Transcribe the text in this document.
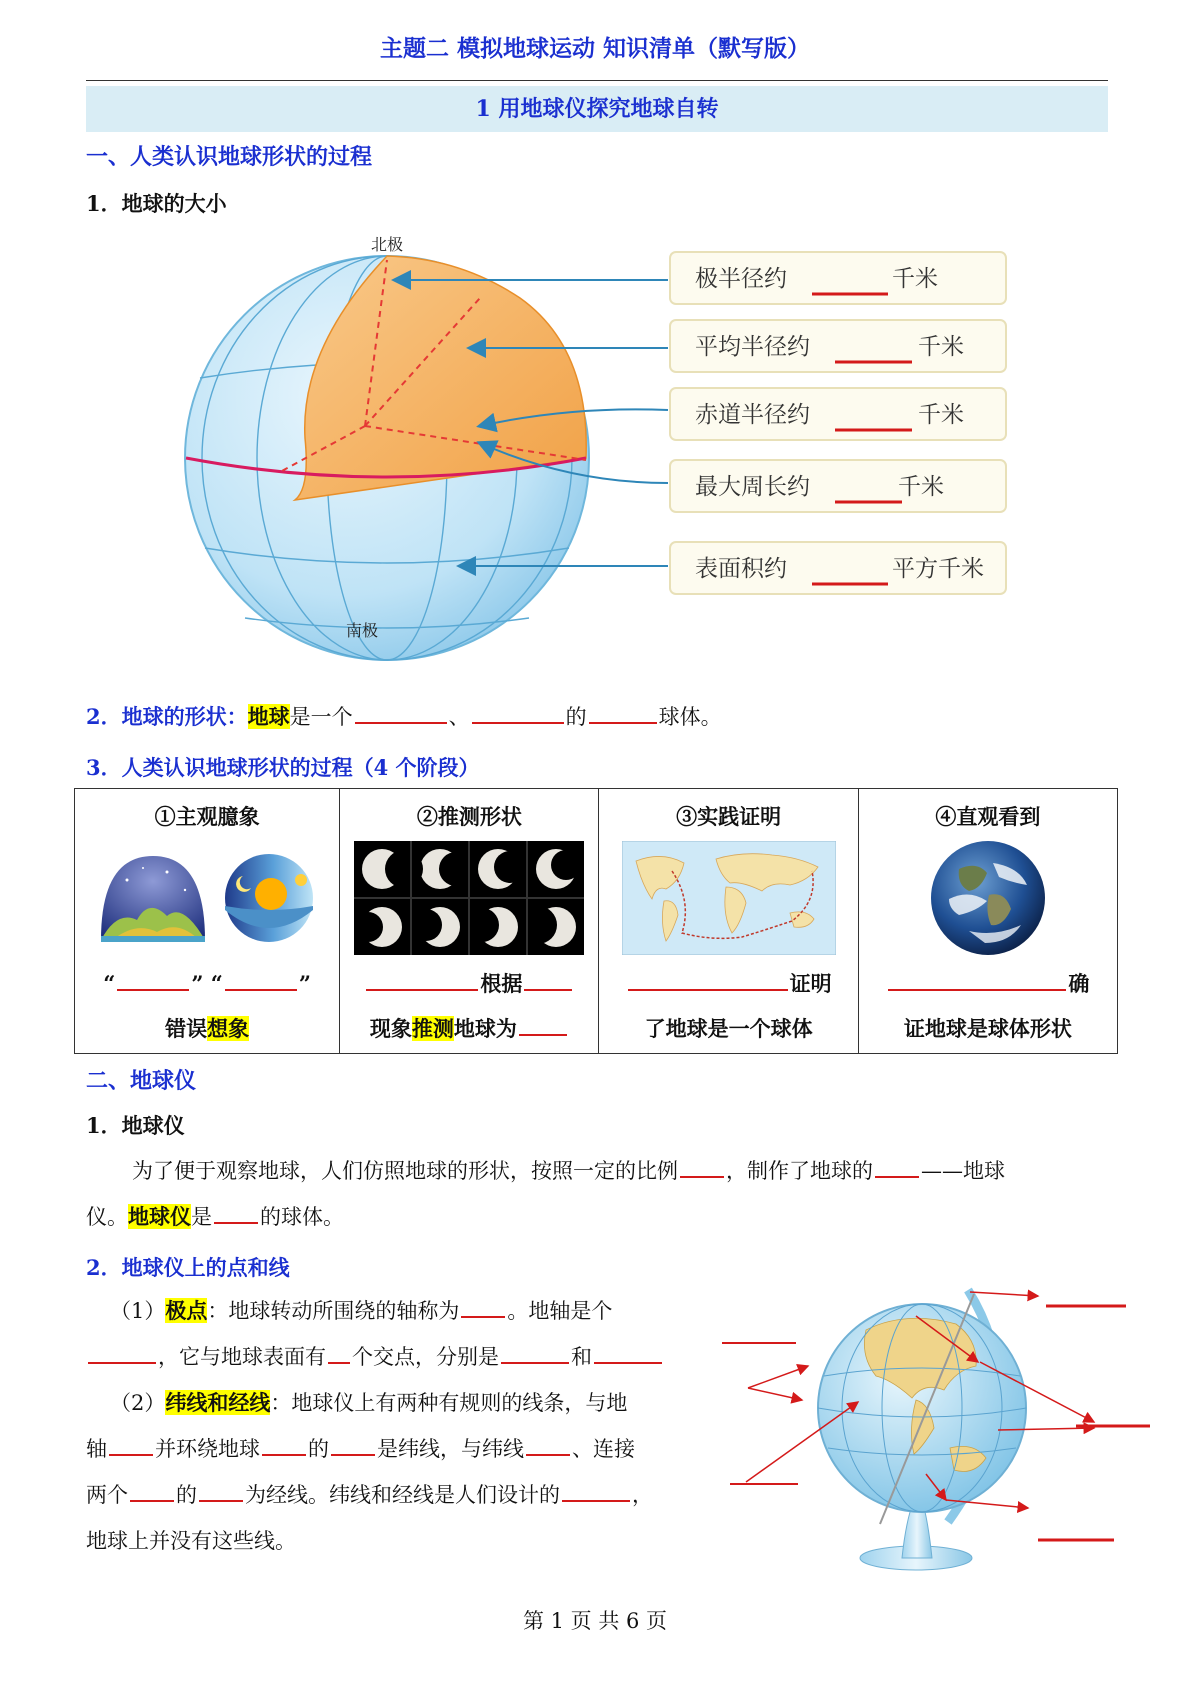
主题二 模拟地球运动 知识清单（默写版）
1 用地球仪探究地球自转
一、人类认识地球形状的过程
1．地球的大小
北极
南极
极半径约	千米
平均半径约	千米
赤道半径约	千米
最大周长约	千米
表面积约	平方千米
2．地球的形状：地球是一个	、	的	球体。
3．人类认识地球形状的过程（4 个阶段）
①主观臆象
“	” “	”
错误想象

②推测形状
根据
现象推测地球为

③实践证明
证明
了地球是一个球体

④直观看到
确
证地球是球体形状
二、地球仪
1．地球仪
为了便于观察地球，人们仿照地球的形状，按照一定的比例 ，制作了地球的 ——地球
仪。地球仪是 的球体。
2．地球仪上的点和线
（1）极点：地球转动所围绕的轴称为 。地轴是个
，它与地球表面有 个交点，分别是	和
（2）纬线和经线：地球仪上有两种有规则的线条，与地
轴 并环绕地球 的 是纬线，与纬线 、连接
两个 的 为经线。纬线和经线是人们设计的	，
地球上并没有这些线。
第 1 页 共 6 页
